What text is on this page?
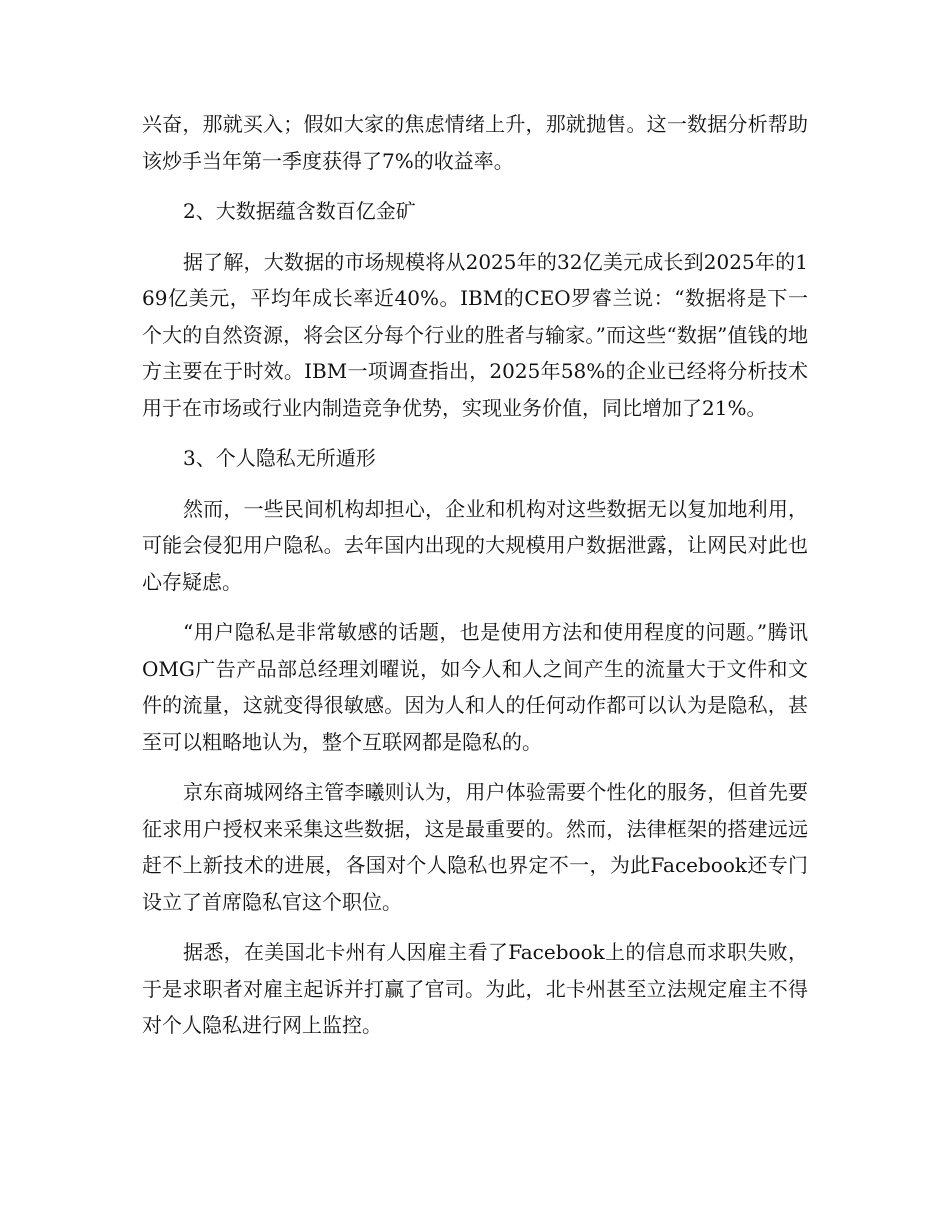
兴奋，那就买入；假如大家的焦虑情绪上升，那就抛售。这一数据分析帮助该炒手当年第一季度获得了7%的收益率。

2、大数据蕴含数百亿金矿

据了解，大数据的市场规模将从2025年的32亿美元成长到2025年的169亿美元，平均年成长率近40%。IBM的CEO罗睿兰说：“数据将是下一个大的自然资源，将会区分每个行业的胜者与输家。”而这些“数据”值钱的地方主要在于时效。IBM一项调查指出，2025年58%的企业已经将分析技术用于在市场或行业内制造竞争优势，实现业务价值，同比增加了21%。

3、个人隐私无所遁形

然而，一些民间机构却担心，企业和机构对这些数据无以复加地利用，可能会侵犯用户隐私。去年国内出现的大规模用户数据泄露，让网民对此也心存疑虑。

“用户隐私是非常敏感的话题，也是使用方法和使用程度的问题。”腾讯OMG广告产品部总经理刘曜说，如今人和人之间产生的流量大于文件和文件的流量，这就变得很敏感。因为人和人的任何动作都可以认为是隐私，甚至可以粗略地认为，整个互联网都是隐私的。

京东商城网络主管李曦则认为，用户体验需要个性化的服务，但首先要征求用户授权来采集这些数据，这是最重要的。然而，法律框架的搭建远远赶不上新技术的进展，各国对个人隐私也界定不一，为此Facebook还专门设立了首席隐私官这个职位。

据悉，在美国北卡州有人因雇主看了Facebook上的信息而求职失败，于是求职者对雇主起诉并打赢了官司。为此，北卡州甚至立法规定雇主不得对个人隐私进行网上监控。
